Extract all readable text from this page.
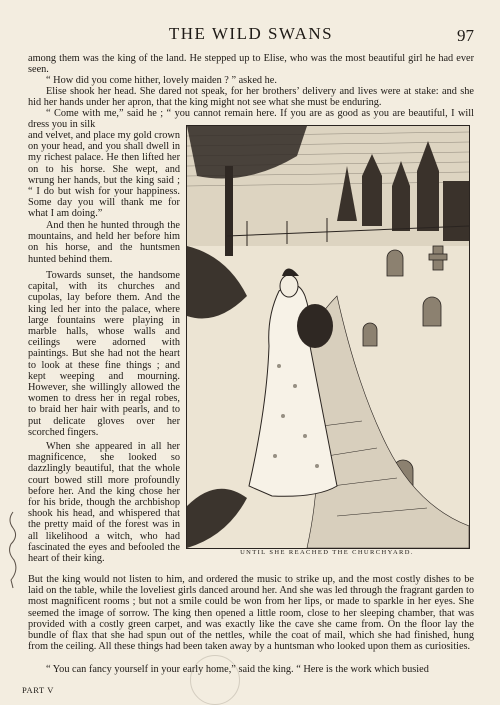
THE WILD SWANS	97

among them was the king of the land. He stepped up to Elise, who was the most beautiful girl he had ever seen.

“ How did you come hither, lovely maiden ? ” asked he.

Elise shook her head. She dared not speak, for her brothers’ delivery and lives were at stake: and she hid her hands under her apron, that the king might not see what she must be enduring.

“ Come with me,” said he ; “ you cannot remain here. If you are as good as you are beautiful, I will dress you in silk

and velvet, and place my gold crown on your head, and you shall dwell in my richest palace. He then lifted her on to his horse. She wept, and wrung her hands, but the king said ; “ I do but wish for your happiness. Some day you will thank me for what I am doing.”

And then he hunted through the mountains, and held her before him on his horse, and the huntsmen hunted behind them.

Towards sunset, the handsome capital, with its churches and cupolas, lay before them. And the king led her into the palace, where large fountains were playing in marble halls, whose walls and ceilings were adorned with paintings. But she had not the heart to look at these fine things ; and kept weeping and mourning. However, she willingly allowed the women to dress her in regal robes, to braid her hair with pearls, and to put delicate gloves over her scorched fingers.

When she appeared in all her magnificence, she looked so dazzlingly beautiful, that the whole court bowed still more profoundly before her. And the king chose her for his bride, though the archbishop shook his head, and whispered that the pretty maid of the forest was in all likelihood a witch, who had fascinated the eyes and befooled the heart of their king.

UNTIL SHE REACHED THE CHURCHYARD.

But the king would not listen to him, and ordered the music to strike up, and the most costly dishes to be laid on the table, while the loveliest girls danced around her. And she was led through the fragrant garden to most magnificent rooms ; but not a smile could be won from her lips, or made to sparkle in her eyes. She seemed the image of sorrow. The king then opened a little room, close to her sleeping chamber, that was provided with a costly green carpet, and was exactly like the cave she came from. On the floor lay the bundle of flax that she had spun out of the nettles, while the coat of mail, which she had finished, hung from the ceiling. All these things had been taken away by a huntsman who looked upon them as curiosities.

“ You can fancy yourself in your early home,” said the king. “ Here is the work which busied

PART V
